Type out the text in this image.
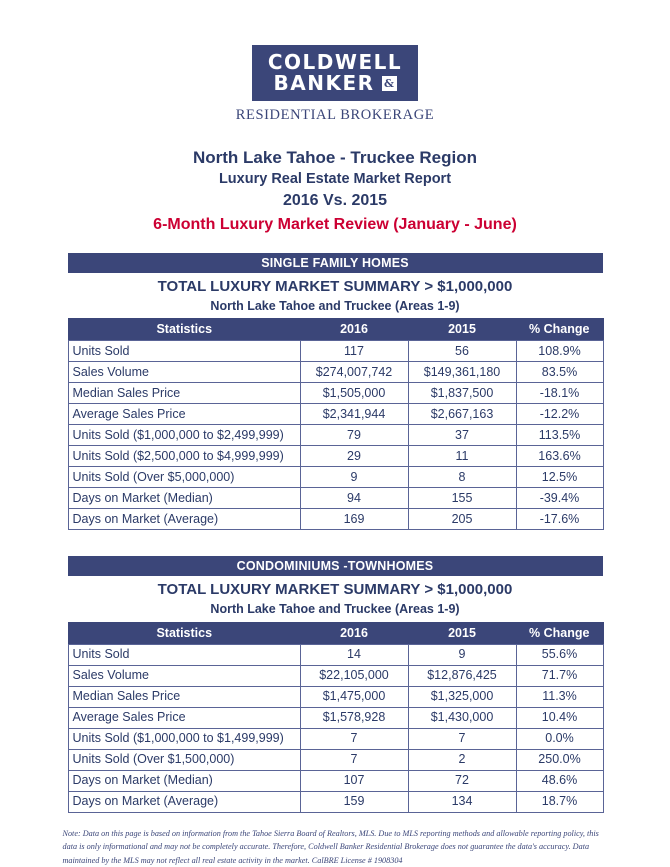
COLDWELL
BANKER &
RESIDENTIAL BROKERAGE
North Lake Tahoe - Truckee Region
Luxury Real Estate Market Report
2016 Vs. 2015
6-Month Luxury Market Review (January - June)
SINGLE FAMILY HOMES
TOTAL LUXURY MARKET SUMMARY > $1,000,000
North Lake Tahoe and Truckee (Areas 1-9)
Statistics	2016	2015	% Change
Units Sold	117	56	108.9%
Sales Volume	$274,007,742	$149,361,180	83.5%
Median Sales Price	$1,505,000	$1,837,500	-18.1%
Average Sales Price	$2,341,944	$2,667,163	-12.2%
Units Sold ($1,000,000 to $2,499,999)	79	37	113.5%
Units Sold ($2,500,000 to $4,999,999)	29	11	163.6%
Units Sold (Over $5,000,000)	9	8	12.5%
Days on Market (Median)	94	155	-39.4%
Days on Market (Average)	169	205	-17.6%
CONDOMINIUMS -TOWNHOMES
TOTAL LUXURY MARKET SUMMARY > $1,000,000
North Lake Tahoe and Truckee (Areas 1-9)
Statistics	2016	2015	% Change
Units Sold	14	9	55.6%
Sales Volume	$22,105,000	$12,876,425	71.7%
Median Sales Price	$1,475,000	$1,325,000	11.3%
Average Sales Price	$1,578,928	$1,430,000	10.4%
Units Sold ($1,000,000 to $1,499,999)	7	7	0.0%
Units Sold (Over $1,500,000)	7	2	250.0%
Days on Market (Median)	107	72	48.6%
Days on Market (Average)	159	134	18.7%
Note: Data on this page is based on information from the Tahoe Sierra Board of Realtors, MLS. Due to MLS reporting methods and allowable reporting policy, this data is only informational and may not be completely accurate. Therefore, Coldwell Banker Residential Brokerage does not guarantee the data's accuracy. Data maintained by the MLS may not reflect all real estate activity in the market. CalBRE License # 1908304
